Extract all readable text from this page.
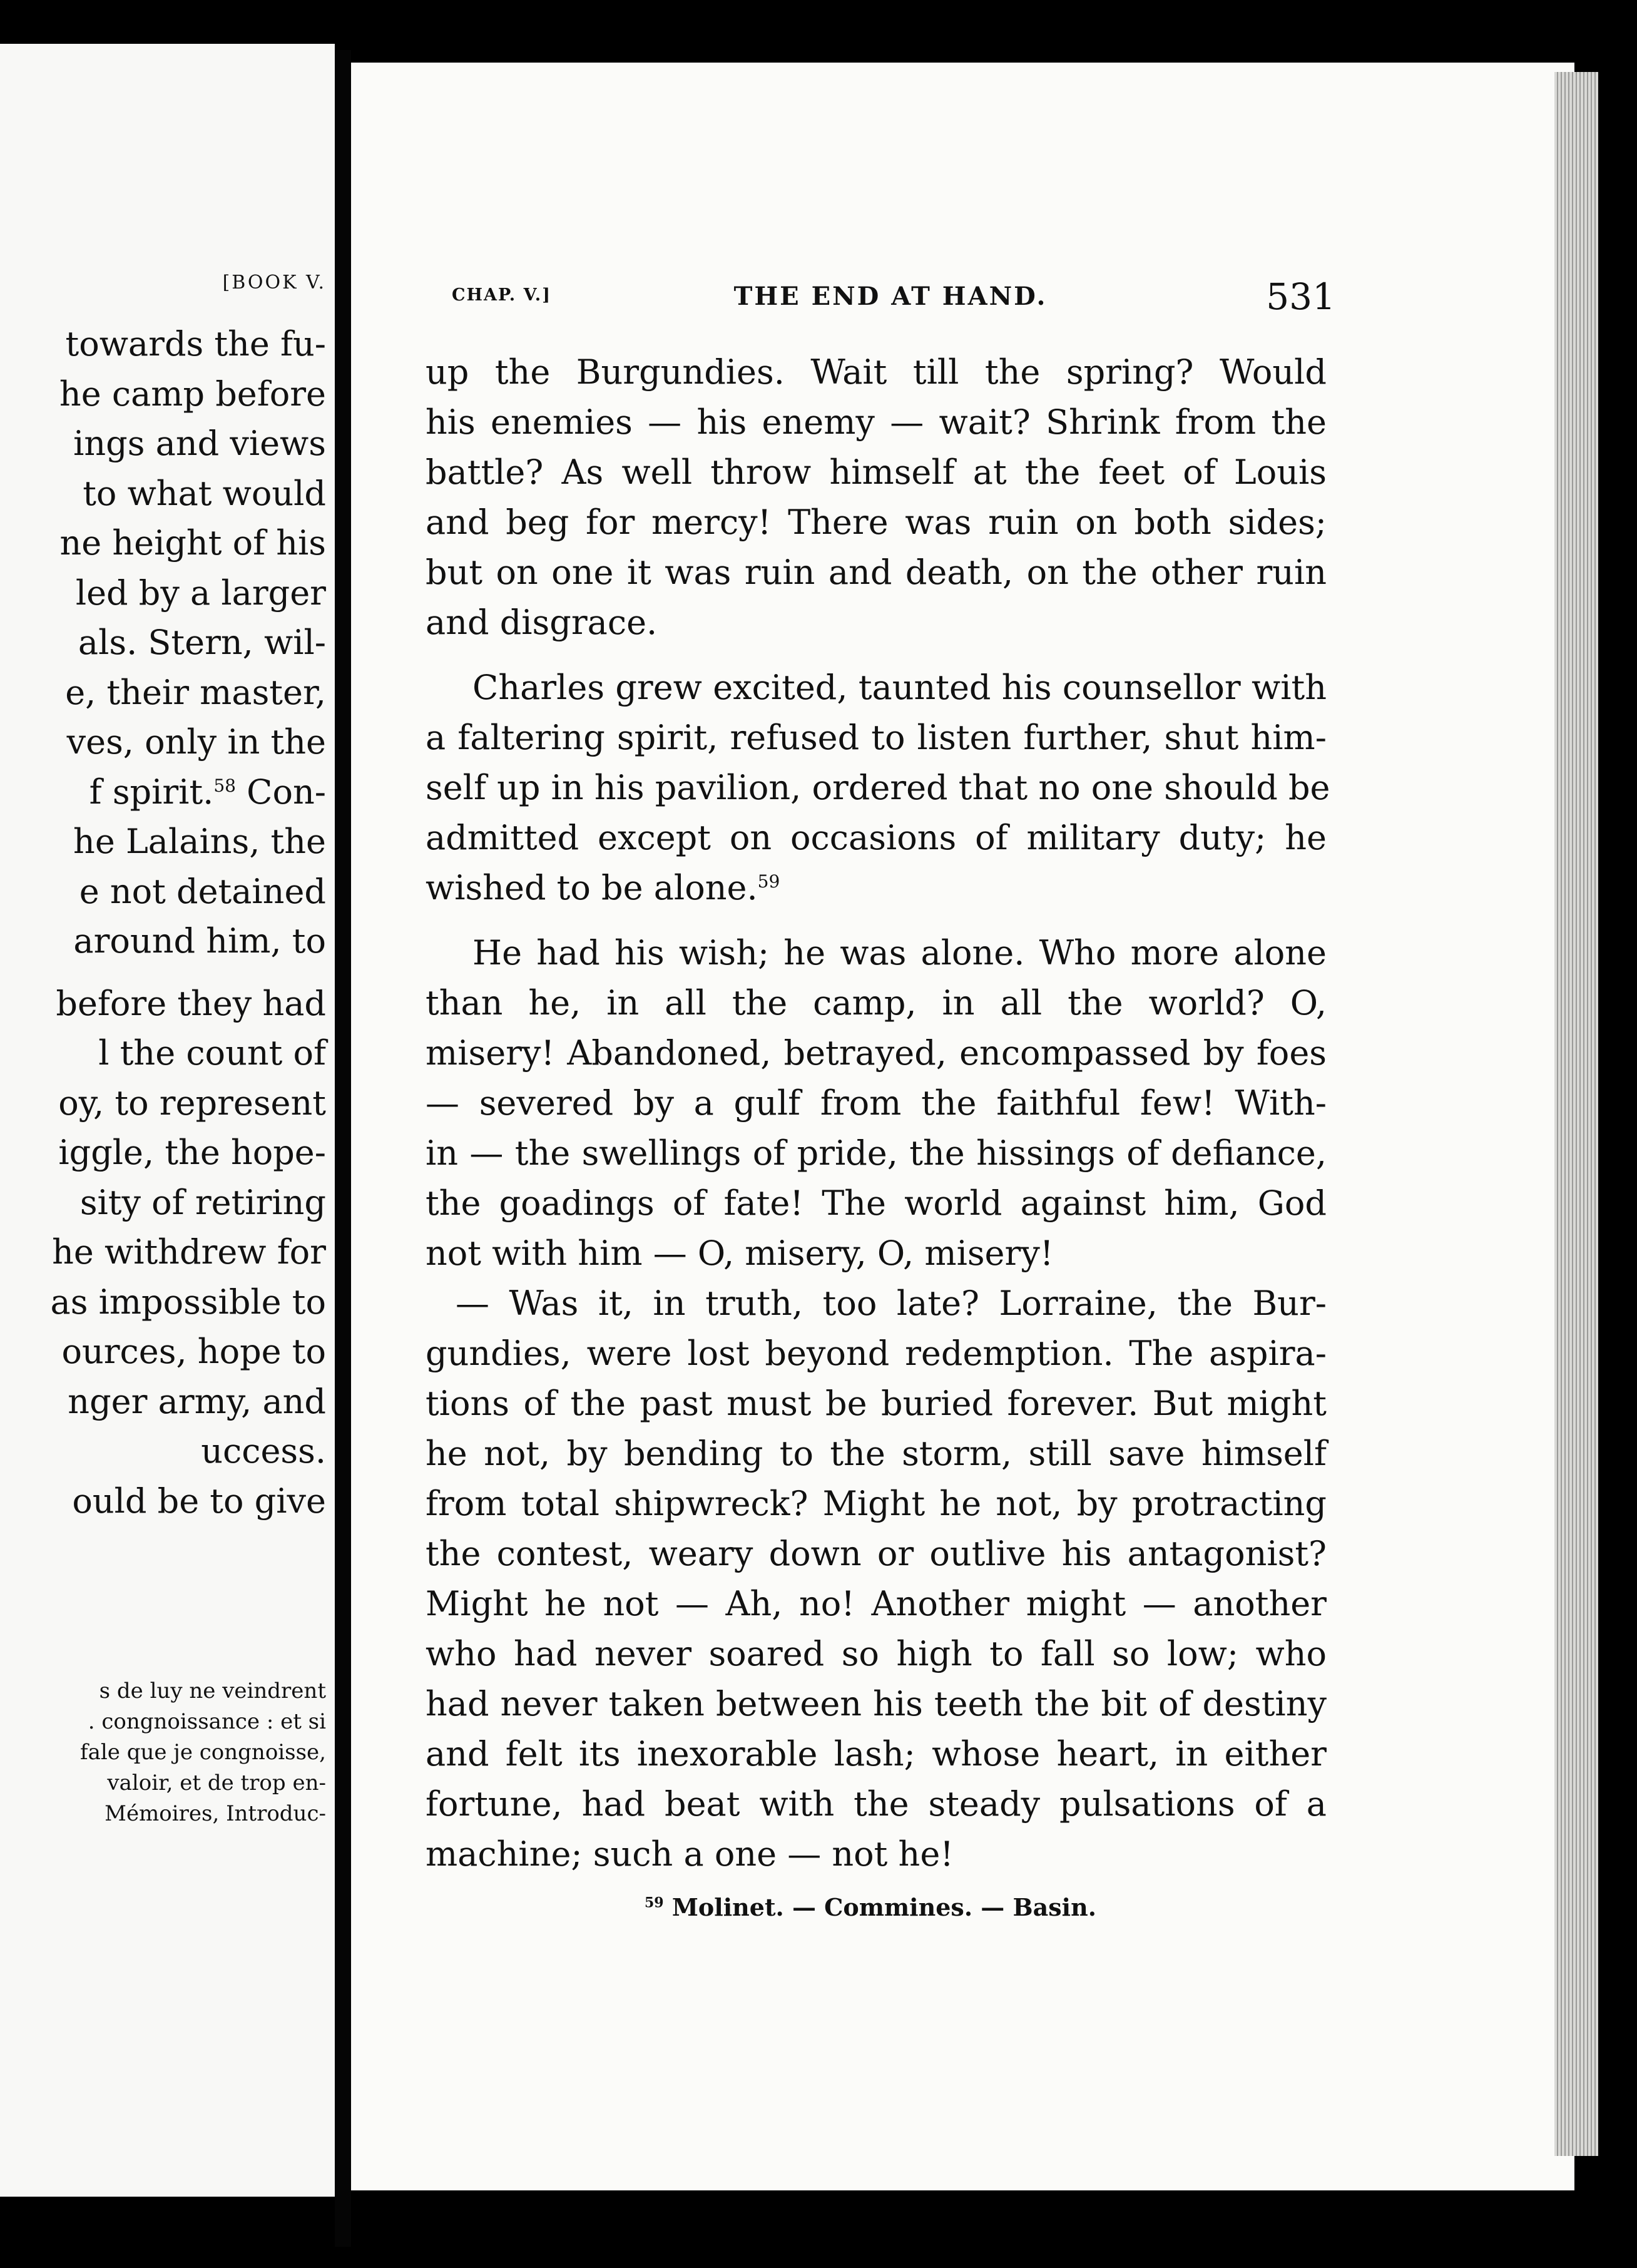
[BOOK V.
towards the fu-
he camp before
ings and views
to what would
ne height of his
led by a larger
als. Stern, wil-
e, their master,
ves, only in the
f spirit.$^{58}$ Con-
he Lalains, the
e not detained
around him, to
before they had
l the count of
oy, to represent
iggle, the hope-
sity of retiring
he withdrew for
as impossible to
ources, hope to
nger army, and
uccess.
ould be to give
s de luy ne veindrent
. congnoissance : et si
fale que je congnoisse,
valoir, et de trop en-
Mémoires, Introduc-
CHAP. V.]	THE END AT HAND.	531
up the Burgundies. Wait till the spring? Would
his enemies — his enemy — wait? Shrink from the
battle? As well throw himself at the feet of Louis
and beg for mercy! There was ruin on both sides;
but on one it was ruin and death, on the other ruin
and disgrace.
Charles grew excited, taunted his counsellor with
a faltering spirit, refused to listen further, shut him-
self up in his pavilion, ordered that no one should be
admitted except on occasions of military duty; he
wished to be alone.$^{59}$
He had his wish; he was alone. Who more alone
than he, in all the camp, in all the world? O,
misery! Abandoned, betrayed, encompassed by foes
— severed by a gulf from the faithful few! With-
in — the swellings of pride, the hissings of defiance,
the goadings of fate! The world against him, God
not with him — O, misery, O, misery!
— Was it, in truth, too late? Lorraine, the Bur-
gundies, were lost beyond redemption. The aspira-
tions of the past must be buried forever. But might
he not, by bending to the storm, still save himself
from total shipwreck? Might he not, by protracting
the contest, weary down or outlive his antagonist?
Might he not — Ah, no! Another might — another
who had never soared so high to fall so low; who
had never taken between his teeth the bit of destiny
and felt its inexorable lash; whose heart, in either
fortune, had beat with the steady pulsations of a
machine; such a one — not he!
$^{59}$ Molinet. — Commines. — Basin.
